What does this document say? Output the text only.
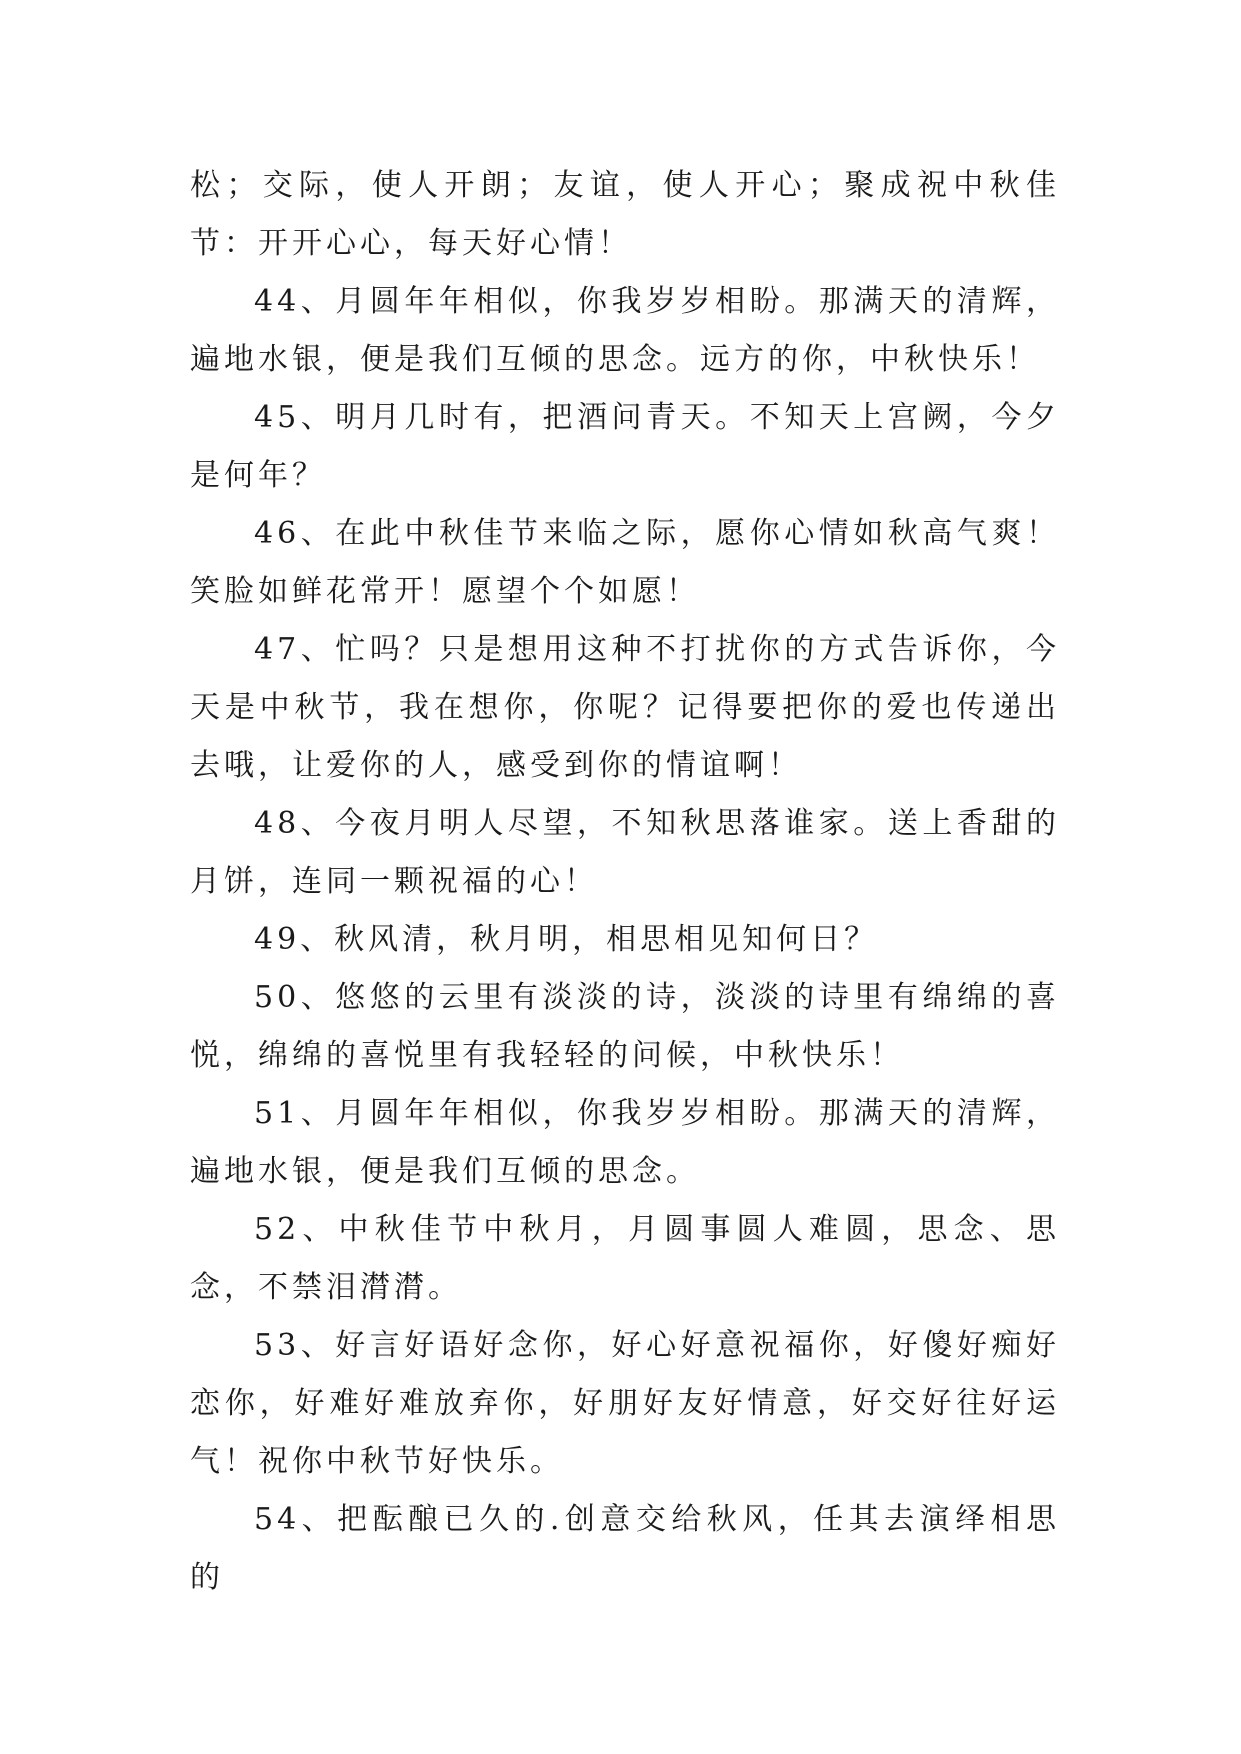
松；交际，使人开朗；友谊，使人开心；聚成祝中秋佳节：开开心心，每天好心情！

44、月圆年年相似，你我岁岁相盼。那满天的清辉，遍地水银，便是我们互倾的思念。远方的你，中秋快乐！

45、明月几时有，把酒问青天。不知天上宫阙，今夕是何年？

46、在此中秋佳节来临之际，愿你心情如秋高气爽！笑脸如鲜花常开！愿望个个如愿！

47、忙吗？只是想用这种不打扰你的方式告诉你，今天是中秋节，我在想你，你呢？记得要把你的爱也传递出去哦，让爱你的人，感受到你的情谊啊！

48、今夜月明人尽望，不知秋思落谁家。送上香甜的月饼，连同一颗祝福的心！

49、秋风清，秋月明，相思相见知何日？

50、悠悠的云里有淡淡的诗，淡淡的诗里有绵绵的喜悦，绵绵的喜悦里有我轻轻的问候，中秋快乐！

51、月圆年年相似，你我岁岁相盼。那满天的清辉，遍地水银，便是我们互倾的思念。

52、中秋佳节中秋月，月圆事圆人难圆，思念、思念，不禁泪潸潸。

53、好言好语好念你，好心好意祝福你，好傻好痴好恋你，好难好难放弃你，好朋好友好情意，好交好往好运气！祝你中秋节好快乐。

54、把酝酿已久的.创意交给秋风，任其去演绎相思的
